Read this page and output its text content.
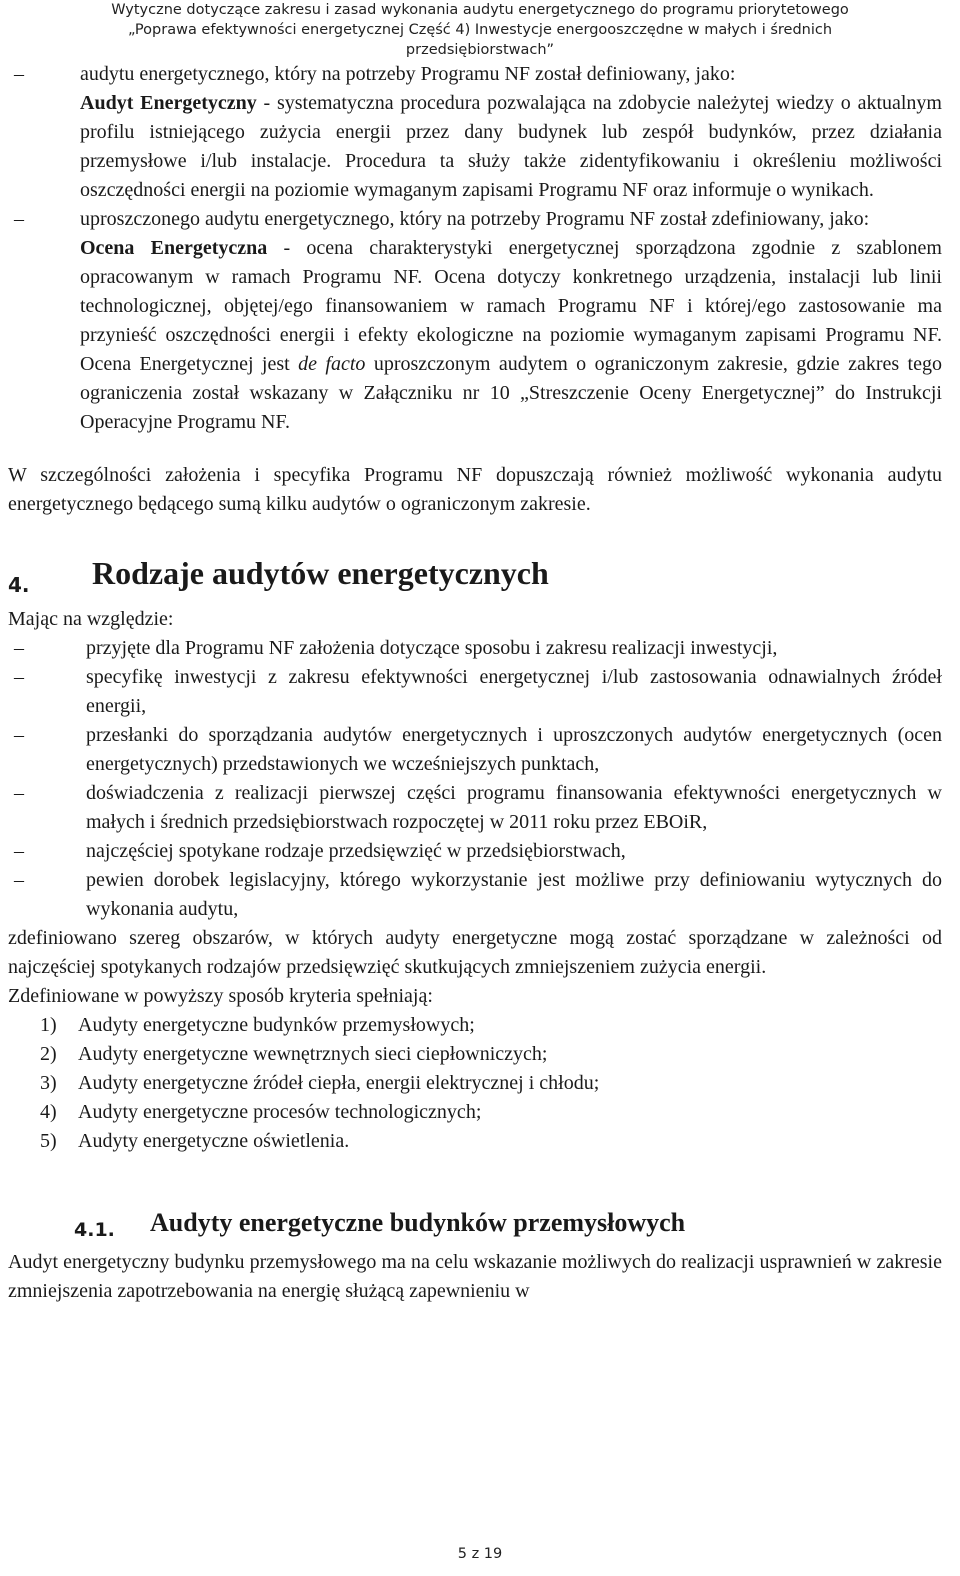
Wytyczne dotyczące zakresu i zasad wykonania audytu energetycznego do programu priorytetowego
„Poprawa efektywności energetycznej Część 4) Inwestycje energooszczędne w małych i średnich
przedsiębiorstwach”
–	audytu energetycznego, który na potrzeby Programu NF został definiowany, jako:
Audyt Energetyczny - systematyczna procedura pozwalająca na zdobycie należytej wiedzy o aktualnym profilu istniejącego zużycia energii przez dany budynek lub zespół budynków, przez działania przemysłowe i/lub instalacje. Procedura ta służy także zidentyfikowaniu i określeniu możliwości oszczędności energii na poziomie wymaganym zapisami Programu NF oraz informuje o wynikach.
–	uproszczonego audytu energetycznego, który na potrzeby Programu NF został zdefiniowany, jako:
Ocena Energetyczna - ocena charakterystyki energetycznej sporządzona zgodnie z szablonem opracowanym w ramach Programu NF. Ocena dotyczy konkretnego urządzenia, instalacji lub linii technologicznej, objętej/ego finansowaniem w ramach Programu NF i której/ego zastosowanie ma przynieść oszczędności energii i efekty ekologiczne na poziomie wymaganym zapisami Programu NF. Ocena Energetycznej jest de facto uproszczonym audytem o ograniczonym zakresie, gdzie zakres tego ograniczenia został wskazany w Załączniku nr 10 „Streszczenie Oceny Energetycznej” do Instrukcji Operacyjne Programu NF.
W szczególności założenia i specyfika Programu NF dopuszczają również możliwość wykonania audytu energetycznego będącego sumą kilku audytów o ograniczonym zakresie.
4. Rodzaje audytów energetycznych
Mając na względzie:
–	przyjęte dla Programu NF założenia dotyczące sposobu i zakresu realizacji inwestycji,
–	specyfikę inwestycji z zakresu efektywności energetycznej i/lub zastosowania odnawialnych źródeł energii,
–	przesłanki do sporządzania audytów energetycznych i uproszczonych audytów energetycznych (ocen energetycznych) przedstawionych we wcześniejszych punktach,
–	doświadczenia z realizacji pierwszej części programu finansowania efektywności energetycznych w małych i średnich przedsiębiorstwach rozpoczętej w 2011 roku przez EBOiR,
–	najczęściej spotykane rodzaje przedsięwzięć w przedsiębiorstwach,
–	pewien dorobek legislacyjny, którego wykorzystanie jest możliwe przy definiowaniu wytycznych do wykonania audytu,
zdefiniowano szereg obszarów, w których audyty energetyczne mogą zostać sporządzane w zależności od najczęściej spotykanych rodzajów przedsięwzięć skutkujących zmniejszeniem zużycia energii.
Zdefiniowane w powyższy sposób kryteria spełniają:
1) Audyty energetyczne budynków przemysłowych;
2) Audyty energetyczne wewnętrznych sieci ciepłowniczych;
3) Audyty energetyczne źródeł ciepła, energii elektrycznej i chłodu;
4) Audyty energetyczne procesów technologicznych;
5) Audyty energetyczne oświetlenia.
4.1. Audyty energetyczne budynków przemysłowych
Audyt energetyczny budynku przemysłowego ma na celu wskazanie możliwych do realizacji usprawnień w zakresie zmniejszenia zapotrzebowania na energię służącą zapewnieniu w
5 z 19
